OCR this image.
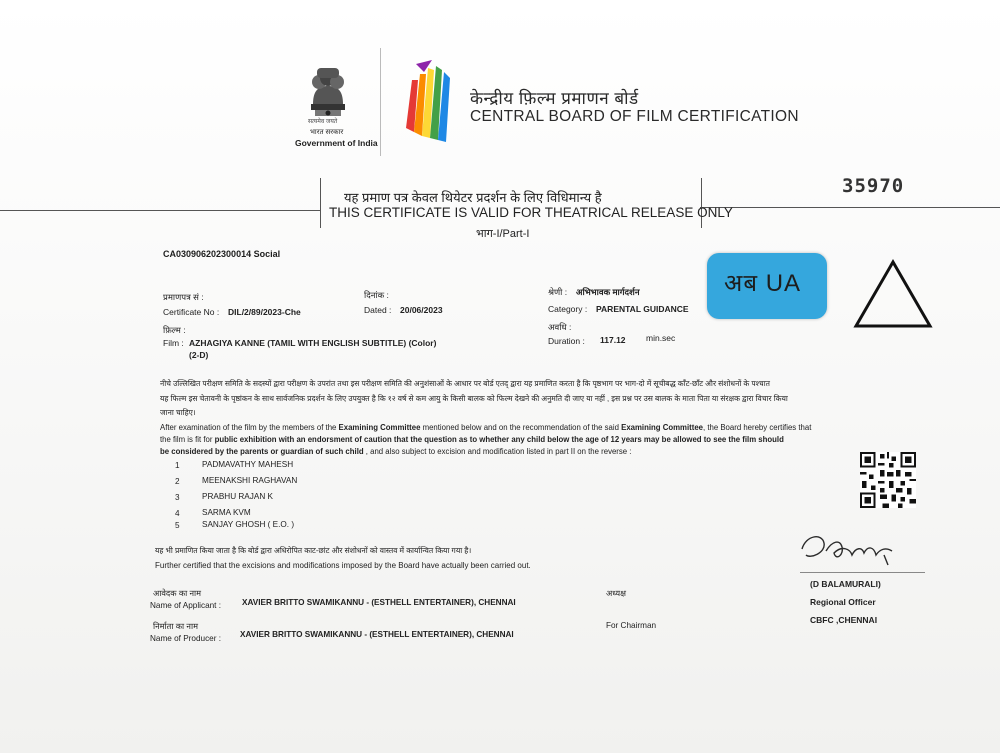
सत्यमेव जयते
भारत सरकार
Government of India
केन्द्रीय फ़िल्म प्रमाणन बोर्ड
CENTRAL BOARD OF FILM CERTIFICATION
35970
यह प्रमाण पत्र केवल थियेटर प्रदर्शन के लिए विधिमान्य है
THIS CERTIFICATE IS VALID FOR THEATRICAL RELEASE ONLY
भाग-I/Part-I
CA030906202300014 Social
प्रमाणपत्र सं :
Certificate No : DIL/2/89/2023-Che
दिनांक :
Dated : 20/06/2023
श्रेणी : अभिभावक मार्गदर्शन
Category : PARENTAL GUIDANCE
फ़िल्म :
Film : AZHAGIYA KANNE (TAMIL WITH ENGLISH SUBTITLE) (Color)
(2-D)
अवधि :
Duration : 117.12 min.sec
अब UA
नीचे उल्लिखित परीक्षण समिति के सदस्यों द्वारा परीक्षण के उपरांत तथा इस परीक्षण समिति की अनुशंसाओं के आधार पर बोर्ड एतद् द्वारा यह प्रमाणित करता है कि पृष्ठभाग पर भाग-दो में सूचीबद्ध काँट-छाँट और संशोधनों के पश्चात
यह फिल्म इस चेतावनी के पृष्ठांकन के साथ सार्वजनिक प्रदर्शन के लिए उपयुक्त है कि १२ वर्ष से कम आयु के किसी बालक को फिल्म देखने की अनुमति दी जाए या नहीं , इस प्रश्न पर उस बालक के माता पिता या संरक्षक द्वारा विचार किया
जाना चाहिए।
After examination of the film by the members of the Examining Committee mentioned below and on the recommendation of the said Examining Committee, the Board hereby certifies that
the film is fit for public exhibition with an endorsment of caution that the question as to whether any child below the age of 12 years may be allowed to see the film should
be considered by the parents or guardian of such child , and also subject to excision and modification listed in part II on the reverse :
1	PADMAVATHY MAHESH
2	MEENAKSHI RAGHAVAN
3	PRABHU RAJAN K
4	SARMA KVM
5	SANJAY GHOSH ( E.O. )
यह भी प्रमाणित किया जाता है कि बोर्ड द्वारा अधिरोपित काट-छांट और संशोधनों को वास्तव में कार्यान्वित किया गया है।
Further certified that the excisions and modifications imposed by the Board have actually been carried out.
आवेदक का नाम
Name of Applicant :	XAVIER BRITTO SWAMIKANNU - (ESTHELL ENTERTAINER), CHENNAI
निर्माता का नाम
Name of Producer : XAVIER BRITTO SWAMIKANNU - (ESTHELL ENTERTAINER), CHENNAI
अध्यक्ष
For Chairman
(D BALAMURALI)
Regional Officer
CBFC ,CHENNAI
